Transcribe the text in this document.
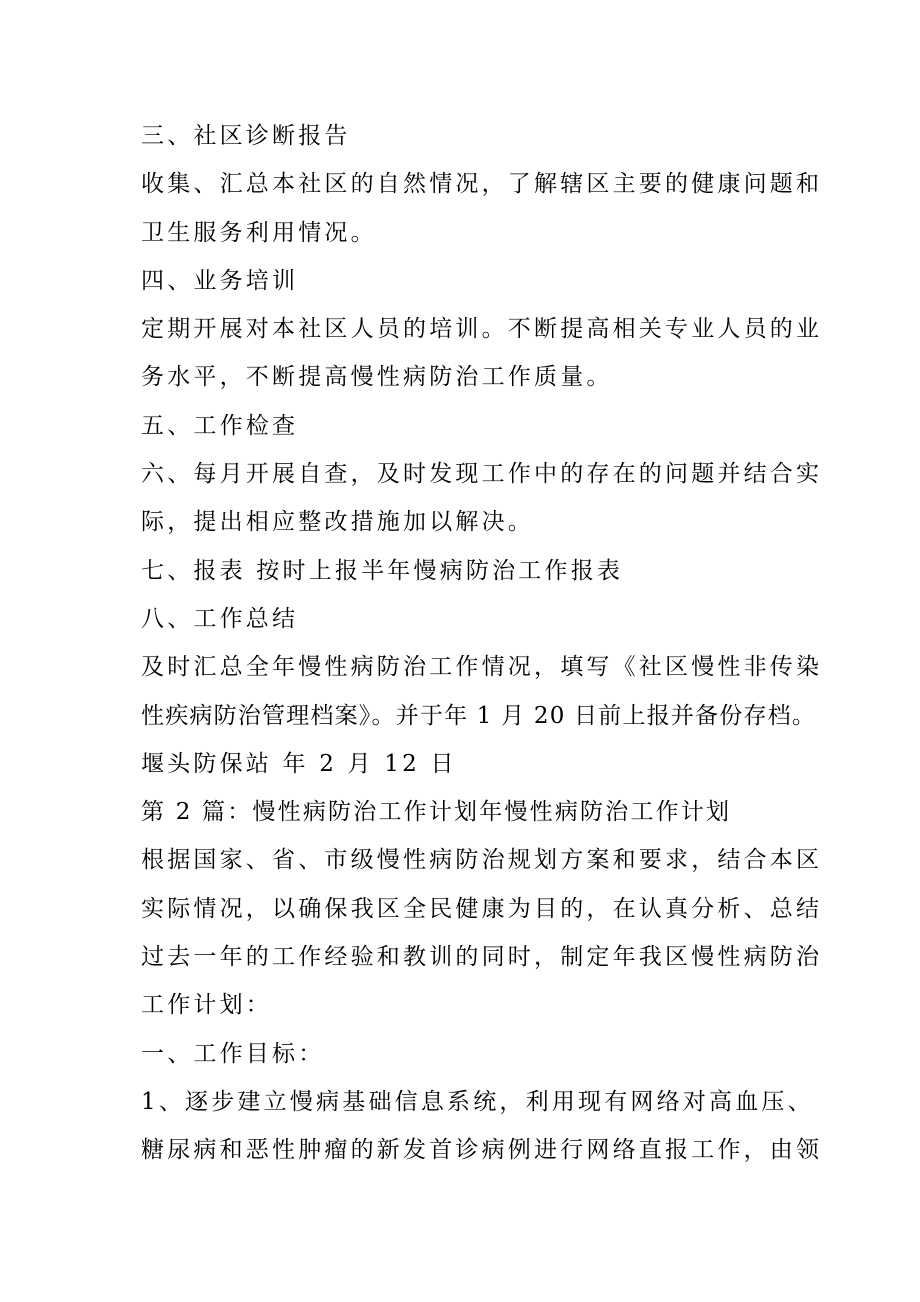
三、社区诊断报告
收集、汇总本社区的自然情况，了解辖区主要的健康问题和
卫生服务利用情况。
四、业务培训
定期开展对本社区人员的培训。不断提高相关专业人员的业
务水平，不断提高慢性病防治工作质量。
五、工作检查
六、每月开展自查，及时发现工作中的存在的问题并结合实
际，提出相应整改措施加以解决。
七、报表 按时上报半年慢病防治工作报表
八、工作总结
及时汇总全年慢性病防治工作情况，填写《社区慢性非传染
性疾病防治管理档案》。并于年 1 月 20 日前上报并备份存档。
堰头防保站 年 2 月 12 日
第 2 篇：慢性病防治工作计划年慢性病防治工作计划
根据国家、省、市级慢性病防治规划方案和要求，结合本区
实际情况，以确保我区全民健康为目的，在认真分析、总结
过去一年的工作经验和教训的同时，制定年我区慢性病防治
工作计划：
一、工作目标：
1、逐步建立慢病基础信息系统，利用现有网络对高血压、
糖尿病和恶性肿瘤的新发首诊病例进行网络直报工作，由领
